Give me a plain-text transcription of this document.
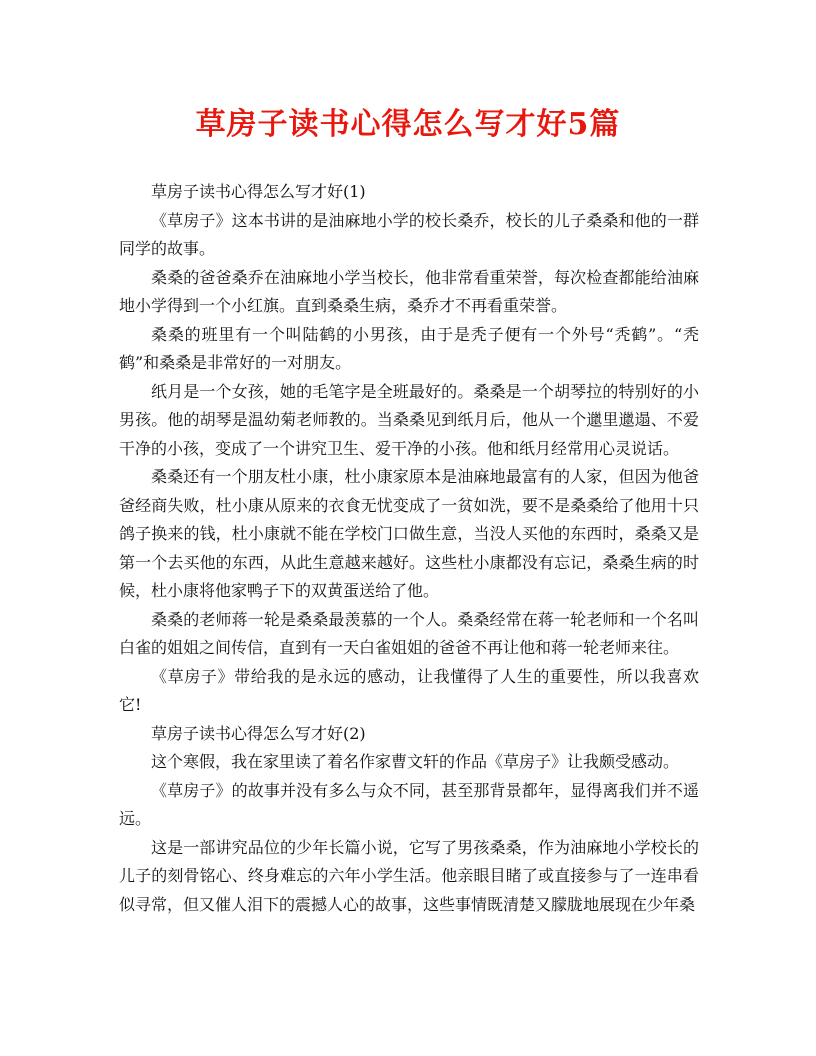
草房子读书心得怎么写才好5篇

草房子读书心得怎么写才好(1)

《草房子》这本书讲的是油麻地小学的校长桑乔，校长的儿子桑桑和他的一群同学的故事。

桑桑的爸爸桑乔在油麻地小学当校长，他非常看重荣誉，每次检查都能给油麻地小学得到一个小红旗。直到桑桑生病，桑乔才不再看重荣誉。

桑桑的班里有一个叫陆鹤的小男孩，由于是秃子便有一个外号“秃鹤”。“秃鹤”和桑桑是非常好的一对朋友。

纸月是一个女孩，她的毛笔字是全班最好的。桑桑是一个胡琴拉的特别好的小男孩。他的胡琴是温幼菊老师教的。当桑桑见到纸月后，他从一个邋里邋遢、不爱干净的小孩，变成了一个讲究卫生、爱干净的小孩。他和纸月经常用心灵说话。

桑桑还有一个朋友杜小康，杜小康家原本是油麻地最富有的人家，但因为他爸爸经商失败，杜小康从原来的衣食无忧变成了一贫如洗，要不是桑桑给了他用十只鸽子换来的钱，杜小康就不能在学校门口做生意，当没人买他的东西时，桑桑又是第一个去买他的东西，从此生意越来越好。这些杜小康都没有忘记，桑桑生病的时候，杜小康将他家鸭子下的双黄蛋送给了他。

桑桑的老师蒋一轮是桑桑最羡慕的一个人。桑桑经常在蒋一轮老师和一个名叫白雀的姐姐之间传信，直到有一天白雀姐姐的爸爸不再让他和蒋一轮老师来往。

《草房子》带给我的是永远的感动，让我懂得了人生的重要性，所以我喜欢它!

草房子读书心得怎么写才好(2)

这个寒假，我在家里读了着名作家曹文轩的作品《草房子》让我颇受感动。

《草房子》的故事并没有多么与众不同，甚至那背景都年，显得离我们并不遥远。

这是一部讲究品位的少年长篇小说，它写了男孩桑桑，作为油麻地小学校长的儿子的刻骨铭心、终身难忘的六年小学生活。他亲眼目睹了或直接参与了一连串看似寻常，但又催人泪下的震撼人心的故事，这些事情既清楚又朦胧地展现在少年桑
